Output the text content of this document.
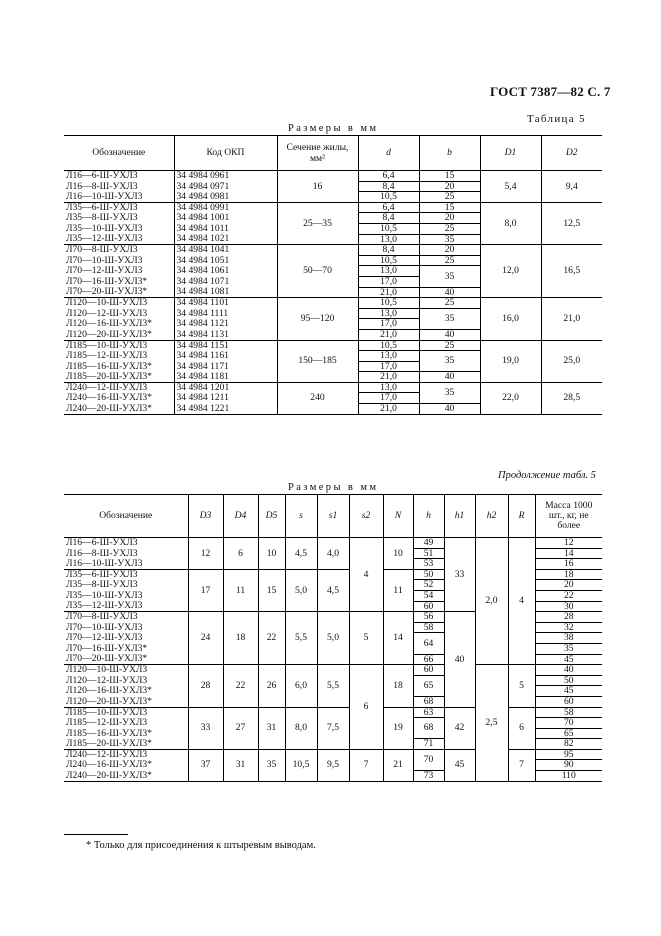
ГОСТ 7387—82 С. 7
Таблица 5
Размеры в мм
Обозначение	Код ОКП	Сечение жилы, мм²	d	b	D1	D2
Л16—6-Ш-УХЛ3	34 4984 0961	16	6,4	15	5,4	9,4
Л16—8-Ш-УХЛ3	34 4984 0971		8,4	20		
Л16—10-Ш-УХЛ3	34 4984 0981		10,5	25		
Л35—6-Ш-УХЛ3	34 4984 0991	25—35	6,4	15	8,0	12,5
Л35—8-Ш-УХЛ3	34 4984 1001		8,4	20		
Л35—10-Ш-УХЛ3	34 4984 1011		10,5	25		
Л35—12-Ш-УХЛ3	34 4984 1021		13,0	35		
Л70—8-Ш-УХЛ3	34 4984 1041	50—70	8,4	20	12,0	16,5
Л70—10-Ш-УХЛ3	34 4984 1051		10,5	25		
Л70—12-Ш-УХЛ3	34 4984 1061		13,0	35		
Л70—16-Ш-УХЛ3*	34 4984 1071		17,0			
Л70—20-Ш-УХЛ3*	34 4984 1081		21,0	40		
Л120—10-Ш-УХЛ3	34 4984 1101	95—120	10,5	25	16,0	21,0
Л120—12-Ш-УХЛ3	34 4984 1111		13,0	35		
Л120—16-Ш-УХЛ3*	34 4984 1121		17,0			
Л120—20-Ш-УХЛ3*	34 4984 1131		21,0	40		
Л185—10-Ш-УХЛ3	34 4984 1151	150—185	10,5	25	19,0	25,0
Л185—12-Ш-УХЛ3	34 4984 1161		13,0	35		
Л185—16-Ш-УХЛ3*	34 4984 1171		17,0			
Л185—20-Ш-УХЛ3*	34 4984 1181		21,0	40		
Л240—12-Ш-УХЛ3	34 4984 1201	240	13,0	35	22,0	28,5
Л240—16-Ш-УХЛ3*	34 4984 1211		17,0			
Л240—20-Ш-УХЛ3*	34 4984 1221		21,0	40		
Продолжение табл. 5
Размеры в мм
Обозначение	D3	D4	D5	s	s1	s2	N	h	h1	h2	R	Масса 1000 шт., кг, не более
Л16—6-Ш-УХЛ3	12	6	10	4,5	4,0	4	10	49	33	2,0	4	12
Л16—8-Ш-УХЛ3								51				14
Л16—10-Ш-УХЛ3								53				16
Л35—6-Ш-УХЛ3	17	11	15	5,0	4,5		11	50				18
Л35—8-Ш-УХЛ3								52				20
Л35—10-Ш-УХЛ3								54				22
Л35—12-Ш-УХЛ3								60				30
Л70—8-Ш-УХЛ3	24	18	22	5,5	5,0	5	14	56	40			28
Л70—10-Ш-УХЛ3								58				32
Л70—12-Ш-УХЛ3								64				38
Л70—16-Ш-УХЛ3*												35
Л70—20-Ш-УХЛ3*								66				45
Л120—10-Ш-УХЛ3	28	22	26	6,0	5,5	6	18	60		2,5	5	40
Л120—12-Ш-УХЛ3								65				50
Л120—16-Ш-УХЛ3*												45
Л120—20-Ш-УХЛ3*								68				60
Л185—10-Ш-УХЛ3	33	27	31	8,0	7,5		19	63	42		6	58
Л185—12-Ш-УХЛ3								68				70
Л185—16-Ш-УХЛ3*												65
Л185—20-Ш-УХЛ3*								71				82
Л240—12-Ш-УХЛ3	37	31	35	10,5	9,5	7	21	70	45		7	95
Л240—16-Ш-УХЛ3*												90
Л240—20-Ш-УХЛ3*								73				110
* Только для присоединения к штыревым выводам.
